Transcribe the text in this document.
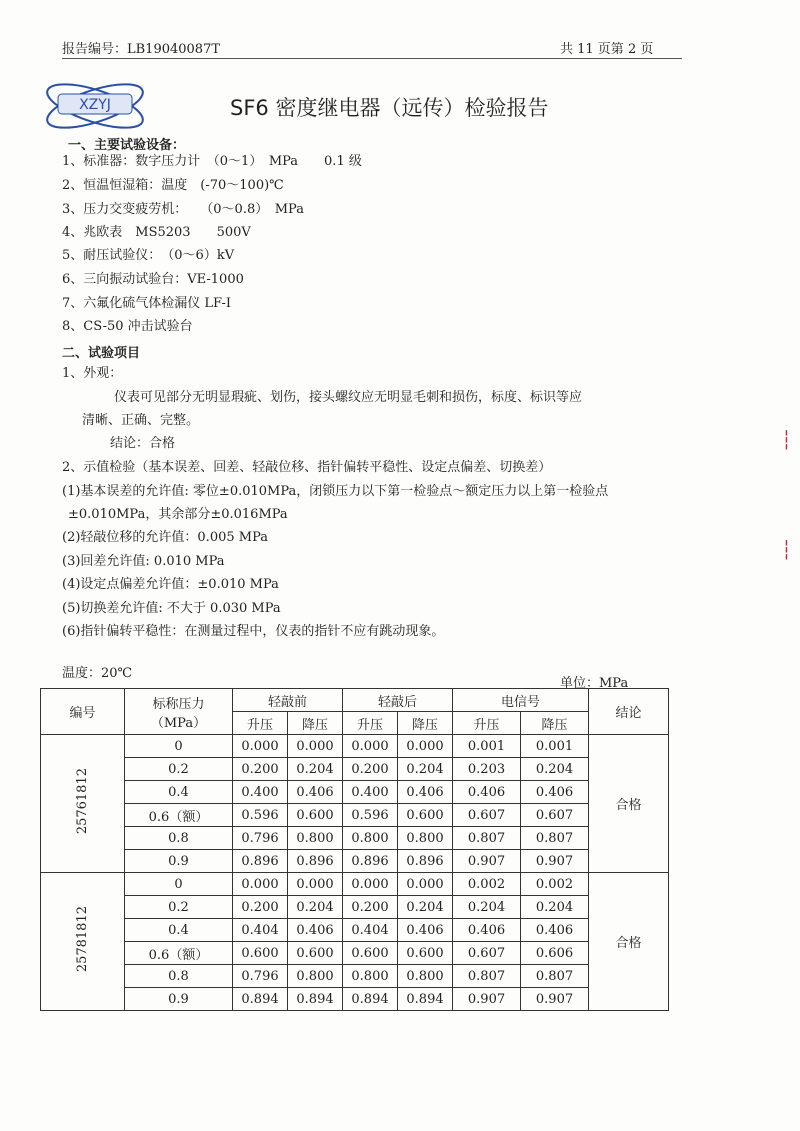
报告编号：LB19040087T	共 11 页第 2 页
XZYJ	SF6 密度继电器（远传）检验报告
一、主要试验设备：
1、标准器：数字压力计　（0～1）　MPa　　0.1 级
2、恒温恒湿箱：温度　(-70～100)℃
3、压力交变疲劳机：　　（0～0.8）　MPa
4、兆欧表　MS5203　　500V
5、耐压试验仪：　（0～6）kV
6、三向振动试验台：VE-1000
7、六氟化硫气体检漏仪 LF-Ⅰ
8、CS-50 冲击试验台
二、试验项目
1、外观：
仪表可见部分无明显瑕疵、划伤，接头螺纹应无明显毛刺和损伤，标度、标识等应
清晰、正确、完整。
结论：合格
2、示值检验（基本误差、回差、轻敲位移、指针偏转平稳性、设定点偏差、切换差）
(1)基本误差的允许值: 零位±0.010MPa，闭锁压力以下第一检验点～额定压力以上第一检验点
±0.010MPa，其余部分±0.016MPa
(2)轻敲位移的允许值：0.005 MPa
(3)回差允许值: 0.010 MPa
(4)设定点偏差允许值：±0.010 MPa
(5)切换差允许值: 不大于 0.030 MPa
(6)指针偏转平稳性：在测量过程中，仪表的指针不应有跳动现象。
温度：20℃
单位：MPa
编号	标称压力
（MPa）	轻敲前		轻敲后		电信号		结论
		升压	降压	升压	降压	升压	降压	
25761812	0	0.000	0.000	0.000	0.000	0.001	0.001	合格
	0.2	0.200	0.204	0.200	0.204	0.203	0.204	
	0.4	0.400	0.406	0.400	0.406	0.406	0.406	
	0.6（额）	0.596	0.600	0.596	0.600	0.607	0.607	
	0.8	0.796	0.800	0.800	0.800	0.807	0.807	
	0.9	0.896	0.896	0.896	0.896	0.907	0.907	
25781812	0	0.000	0.000	0.000	0.000	0.002	0.002	合格
	0.2	0.200	0.204	0.200	0.204	0.204	0.204	
	0.4	0.404	0.406	0.404	0.406	0.406	0.406	
	0.6（额）	0.600	0.600	0.600	0.600	0.607	0.606	
	0.8	0.796	0.800	0.800	0.800	0.807	0.807	
	0.9	0.894	0.894	0.894	0.894	0.907	0.907	
┆
┆
